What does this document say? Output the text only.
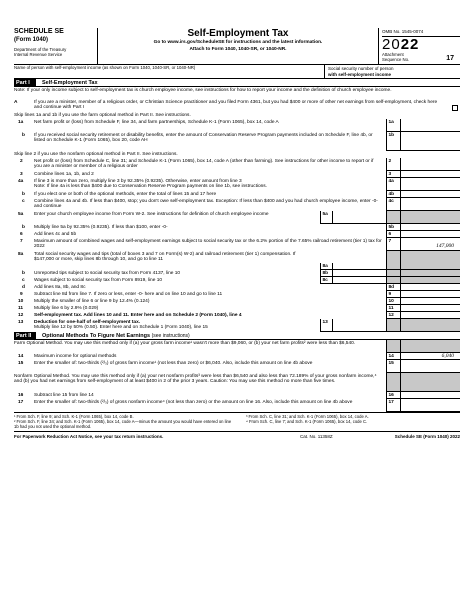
SCHEDULE SE
(Form 1040)
Department of the Treasury
Internal Revenue Service
Self-Employment Tax
Go to www.irs.gov/ScheduleSE for instructions and the latest information.
Attach to Form 1040, 1040-SR, or 1040-NR.
OMB No. 1545-0074
2022
Attachment
Sequence No.	17
Name of person with self-employment income (as shown on Form 1040, 1040-SR, or 1040-NR)	Social security number of person
with self-employment income
Part I	Self-Employment Tax
Note: If your only income subject to self-employment tax is church employee income, see instructions for how to report your income and the definition of church employee income.
A	If you are a minister, member of a religious order, or Christian Science practitioner and you filed Form 4361, but you had $400 or more of other net earnings from self-employment, check here and continue with Part I
Skip lines 1a and 1b if you use the farm optional method in Part II. See instructions.
1a Net farm profit or (loss) from Schedule F, line 34, and farm partnerships, Schedule K-1 (Form 1065), box 14, code A	1a
b If you received social security retirement or disability benefits, enter the amount of Conservation Reserve Program payments included on Schedule F, line 4b, or listed on Schedule K-1 (Form 1065), box 20, code AH
1b
Skip line 2 if you use the nonfarm optional method in Part II. See instructions.
2 Net profit or (loss) from Schedule C, line 31; and Schedule K-1 (Form 1065), box 14, code A (other than farming). See instructions for other income to report or if you are a minister or member of a religious order
2
3 Combine lines 1a, 1b, and 2	3
4a If line 3 is more than zero, multiply line 3 by 92.35% (0.9235). Otherwise, enter amount from line 3
Note: If line 4a is less than $400 due to Conservation Reserve Program payments on line 1b, see instructions.
4a
b If you elect one or both of the optional methods, enter the total of lines 15 and 17 here	4b
c Combine lines 4a and 4b. If less than $400, stop; you don't owe self-employment tax. Exception: If less than $400 and you had church employee income, enter -0- and continue
4c
5a Enter your church employee income from Form W-2. See instructions for definition of church employee income	5a
b Multiply line 5a by 92.35% (0.9235). If less than $100, enter -0-	5b
6 Add lines 4c and 5b	6
7 Maximum amount of combined wages and self-employment earnings subject to social security tax or the 6.2% portion of the 7.65% railroad retirement (tier 1) tax for 2022
7
147,000
8a Total social security wages and tips (total of boxes 3 and 7 on Form(s) W-2) and railroad retirement (tier 1) compensation. If $147,000 or more, skip lines 8b through 10, and go to line 11
8a
b Unreported tips subject to social security tax from Form 4137, line 10	8b
c Wages subject to social security tax from Form 8919, line 10	8c
d Add lines 8a, 8b, and 8c	8d
9 Subtract line 8d from line 7. If zero or less, enter -0- here and on line 10 and go to line 11	9
10 Multiply the smaller of line 6 or line 9 by 12.4% (0.124)	10
11 Multiply line 6 by 2.9% (0.029)	11
12 Self-employment tax. Add lines 10 and 11. Enter here and on Schedule 2 (Form 1040), line 4	12
13 Deduction for one-half of self-employment tax.
Multiply line 12 by 50% (0.50). Enter here and on Schedule 1 (Form 1040), line 15
13
Part II	Optional Methods To Figure Net Earnings (see instructions)
Farm Optional Method. You may use this method only if (a) your gross farm income¹ wasn't more than $9,060, or (b) your net farm profits² were less than $6,540.
14 Maximum income for optional methods	14	6,040
15 Enter the smaller of: two-thirds (²/₃) of gross farm income¹ (not less than zero) or $6,040. Also, include this amount on line 4b above	15
Nonfarm Optional Method. You may use this method only if (a) your net nonfarm profits³ were less than $6,540 and also less than 72.189% of your gross nonfarm income,⁴ and (b) you had net earnings from self-employment of at least $400 in 2 of the prior 3 years. Caution: You may use this method no more than five times.
16 Subtract line 15 from line 14	16
17 Enter the smaller of: two-thirds (²/₃) of gross nonfarm income⁴ (not less than zero) or the amount on line 16. Also, include this amount on line 4b above	17
¹ From Sch. F, line 9; and Sch. K-1 (Form 1065), box 14, code B.
² From Sch. F, line 34; and Sch. K-1 (Form 1065), box 14, code A—minus the amount you would have entered on line 1b had you not used the optional method.
³ From Sch. C, line 31; and Sch. K-1 (Form 1065), box 14, code A.
⁴ From Sch. C, line 7; and Sch. K-1 (Form 1065), box 14, code C.
For Paperwork Reduction Act Notice, see your tax return instructions.	Cat. No. 11358Z	Schedule SE (Form 1040) 2022
